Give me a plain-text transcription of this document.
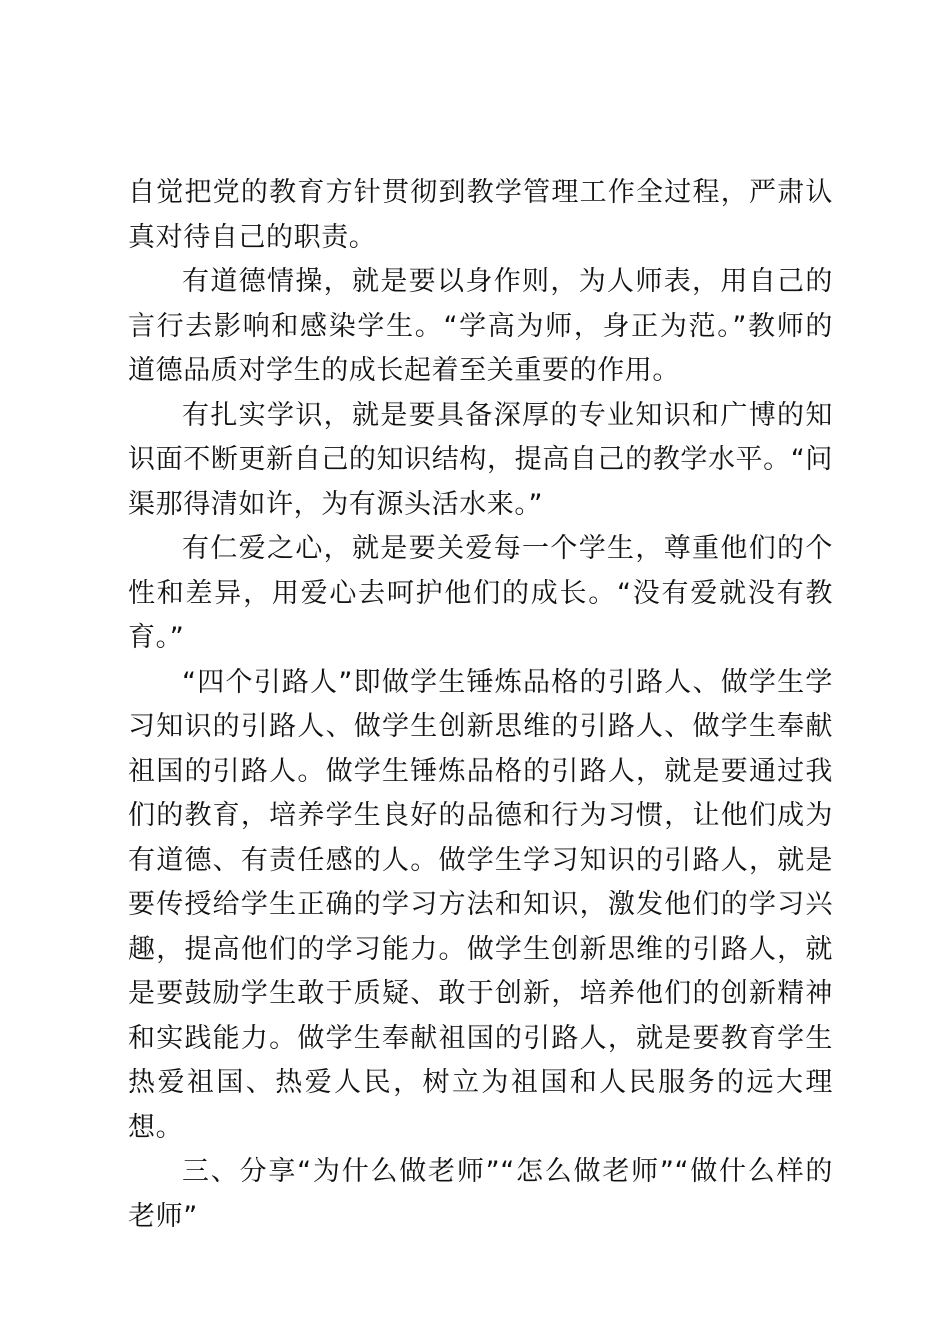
自觉把党的教育方针贯彻到教学管理工作全过程，严肃认真对待自己的职责。

有道德情操，就是要以身作则，为人师表，用自己的言行去影响和感染学生。“学高为师，身正为范。”教师的道德品质对学生的成长起着至关重要的作用。

有扎实学识，就是要具备深厚的专业知识和广博的知识面不断更新自己的知识结构，提高自己的教学水平。“问渠那得清如许，为有源头活水来。”

有仁爱之心，就是要关爱每一个学生，尊重他们的个性和差异，用爱心去呵护他们的成长。“没有爱就没有教育。”

“四个引路人”即做学生锤炼品格的引路人、做学生学习知识的引路人、做学生创新思维的引路人、做学生奉献祖国的引路人。做学生锤炼品格的引路人，就是要通过我们的教育，培养学生良好的品德和行为习惯，让他们成为有道德、有责任感的人。做学生学习知识的引路人，就是要传授给学生正确的学习方法和知识，激发他们的学习兴趣，提高他们的学习能力。做学生创新思维的引路人，就是要鼓励学生敢于质疑、敢于创新，培养他们的创新精神和实践能力。做学生奉献祖国的引路人，就是要教育学生热爱祖国、热爱人民，树立为祖国和人民服务的远大理想。

三、分享“为什么做老师”“怎么做老师”“做什么样的老师”
